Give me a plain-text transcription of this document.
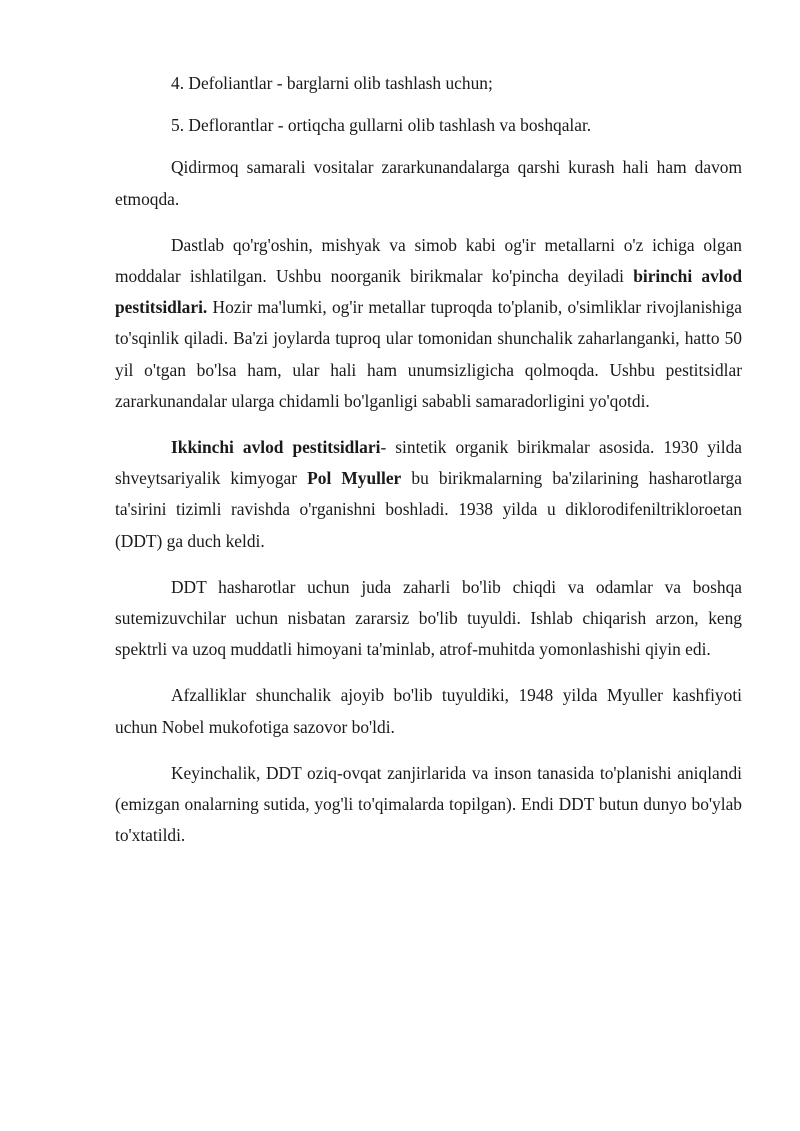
4. Defoliantlar - barglarni olib tashlash uchun;

5. Deflorantlar - ortiqcha gullarni olib tashlash va boshqalar.

Qidirmoq samarali vositalar zararkunandalarga qarshi kurash hali ham davom etmoqda.

Dastlab qo'rg'oshin, mishyak va simob kabi og'ir metallarni o'z ichiga olgan moddalar ishlatilgan. Ushbu noorganik birikmalar ko'pincha deyiladi birinchi avlod pestitsidlari. Hozir ma'lumki, og'ir metallar tuproqda to'planib, o'simliklar rivojlanishiga to'sqinlik qiladi. Ba'zi joylarda tuproq ular tomonidan shunchalik zaharlanganki, hatto 50 yil o'tgan bo'lsa ham, ular hali ham unumsizligicha qolmoqda. Ushbu pestitsidlar zararkunandalar ularga chidamli bo'lganligi sababli samaradorligini yo'qotdi.

Ikkinchi avlod pestitsidlari- sintetik organik birikmalar asosida. 1930 yilda shveytsariyalik kimyogar Pol Myuller bu birikmalarning ba'zilarining hasharotlarga ta'sirini tizimli ravishda o'rganishni boshladi. 1938 yilda u diklorodifeniltrikloroetan (DDT) ga duch keldi.

DDT hasharotlar uchun juda zaharli bo'lib chiqdi va odamlar va boshqa sutemizuvchilar uchun nisbatan zararsiz bo'lib tuyuldi. Ishlab chiqarish arzon, keng spektrli va uzoq muddatli himoyani ta'minlab, atrof-muhitda yomonlashishi qiyin edi.

Afzalliklar shunchalik ajoyib bo'lib tuyuldiki, 1948 yilda Myuller kashfiyoti uchun Nobel mukofotiga sazovor bo'ldi.

Keyinchalik, DDT oziq-ovqat zanjirlarida va inson tanasida to'planishi aniqlandi (emizgan onalarning sutida, yog'li to'qimalarda topilgan). Endi DDT butun dunyo bo'ylab to'xtatildi.
